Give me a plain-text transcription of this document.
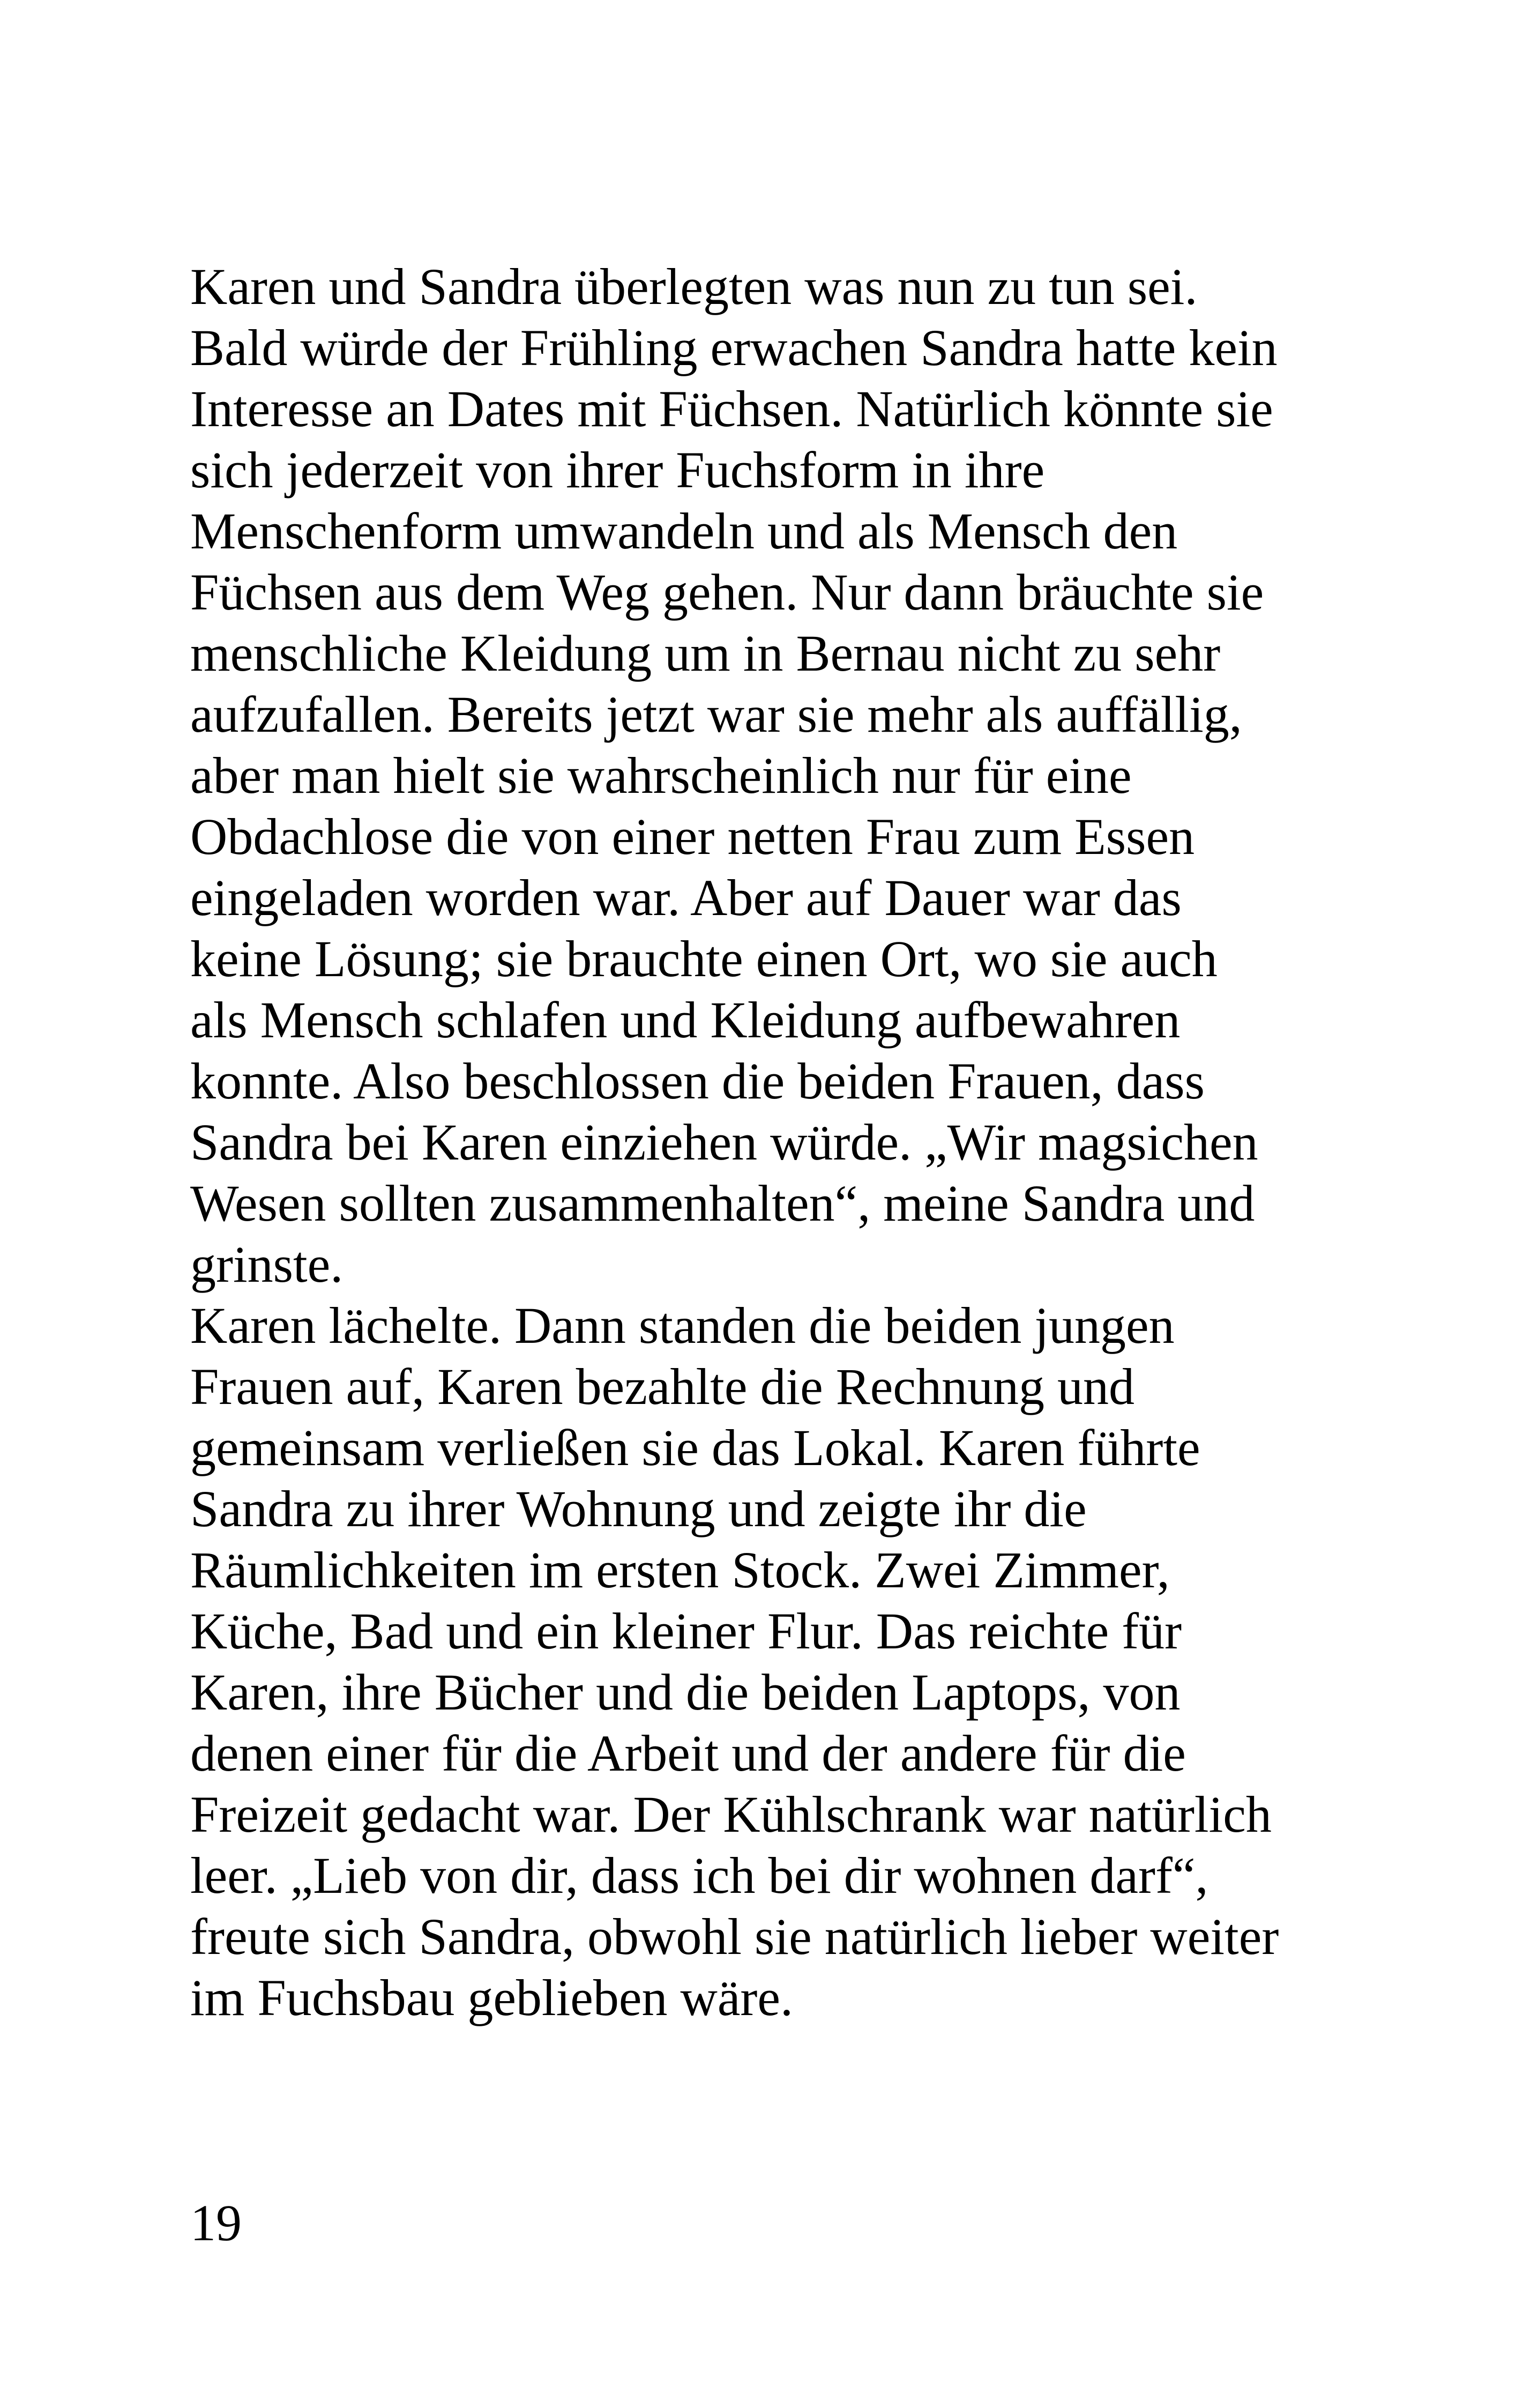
Karen und Sandra überlegten was nun zu tun sei.
Bald würde der Frühling erwachen Sandra hatte kein
Interesse an Dates mit Füchsen. Natürlich könnte sie
sich jederzeit von ihrer Fuchsform in ihre
Menschenform umwandeln und als Mensch den
Füchsen aus dem Weg gehen. Nur dann bräuchte sie
menschliche Kleidung um in Bernau nicht zu sehr
aufzufallen. Bereits jetzt war sie mehr als auffällig,
aber man hielt sie wahrscheinlich nur für eine
Obdachlose die von einer netten Frau zum Essen
eingeladen worden war. Aber auf Dauer war das
keine Lösung; sie brauchte einen Ort, wo sie auch
als Mensch schlafen und Kleidung aufbewahren
konnte. Also beschlossen die beiden Frauen, dass
Sandra bei Karen einziehen würde. „Wir magsichen
Wesen sollten zusammenhalten“, meine Sandra und
grinste.
Karen lächelte. Dann standen die beiden jungen
Frauen auf, Karen bezahlte die Rechnung und
gemeinsam verließen sie das Lokal. Karen führte
Sandra zu ihrer Wohnung und zeigte ihr die
Räumlichkeiten im ersten Stock. Zwei Zimmer,
Küche, Bad und ein kleiner Flur. Das reichte für
Karen, ihre Bücher und die beiden Laptops, von
denen einer für die Arbeit und der andere für die
Freizeit gedacht war. Der Kühlschrank war natürlich
leer. „Lieb von dir, dass ich bei dir wohnen darf“,
freute sich Sandra, obwohl sie natürlich lieber weiter
im Fuchsbau geblieben wäre.
19
